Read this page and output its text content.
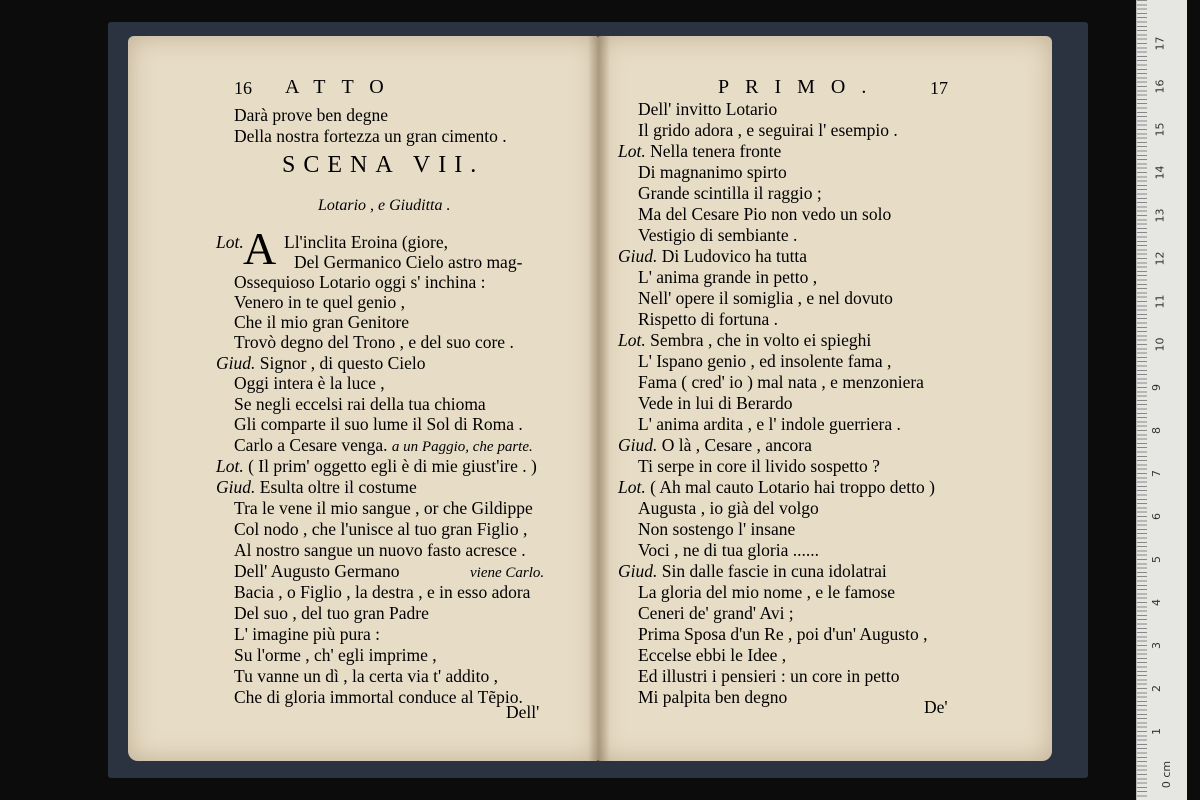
16 ATTO	PRIMO.	17
Darà prove ben degne
Della nostra fortezza un gran cimento .
SCENA VII.
Lotario , e Giuditta .
A
Lot. Ll'inclita Eroina (giore,
Del Germanico Cielo astro mag-
Ossequioso Lotario oggi s' inchina :
Venero in te quel genio ,
Che il mio gran Genitore
Trovò degno del Trono , e del suo core .
Giud. Signor , di questo Cielo
Oggi intera è la luce ,
Se negli eccelsi rai della tua chioma
Gli comparte il suo lume il Sol di Roma .
Carlo a Cesare venga. a un Paggio, che parte.
Lot. ( Il prim' oggetto egli è di mie giust'ire . )
Giud. Esulta oltre il costume
Tra le vene il mio sangue , or che Gildippe
Col nodo , che l'unisce al tuo gran Figlio ,
Al nostro sangue un nuovo fasto acresce .
Dell' Augusto Germano	viene Carlo.
Bacia , o Figlio , la destra , e in esso adora
Del suo , del tuo gran Padre
L' imagine più pura :
Su l'orme , ch' egli imprime ,
Tu vanne un dì , la certa via t' addito ,
Che di gloria immortal conduce al Tẽpio.
Dell'
Dell' invitto Lotario
Il grido adora , e seguirai l' esempio .
Lot. Nella tenera fronte
Di magnanimo spirto
Grande scintilla il raggio ;
Ma del Cesare Pio non vedo un solo
Vestigio di sembiante .
Giud. Di Ludovico ha tutta
L' anima grande in petto ,
Nell' opere il somiglia , e nel dovuto
Rispetto di fortuna .
Lot. Sembra , che in volto ei spieghi
L' Ispano genio , ed insolente fama ,
Fama ( cred' io ) mal nata , e menzoniera
Vede in lui di Berardo
L' anima ardita , e l' indole guerriera .
Giud. O là , Cesare , ancora
Ti serpe in core il livido sospetto ?
Lot. ( Ah mal cauto Lotario hai troppo detto )
Augusta , io già del volgo
Non sostengo l' insane
Voci , ne di tua gloria ......
Giud. Sin dalle fascie in cuna idolatrai
La gloria del mio nome , e le famose
Ceneri de' grand' Avi ;
Prima Sposa d'un Re , poi d'un' Augusto ,
Eccelse ebbi le Idee ,
Ed illustri i pensieri : un core in petto
Mi palpita ben degno	De'
0 cm
1
2
3
4
5
6
7
8
9
10
11
12
13
14
15
16
17
